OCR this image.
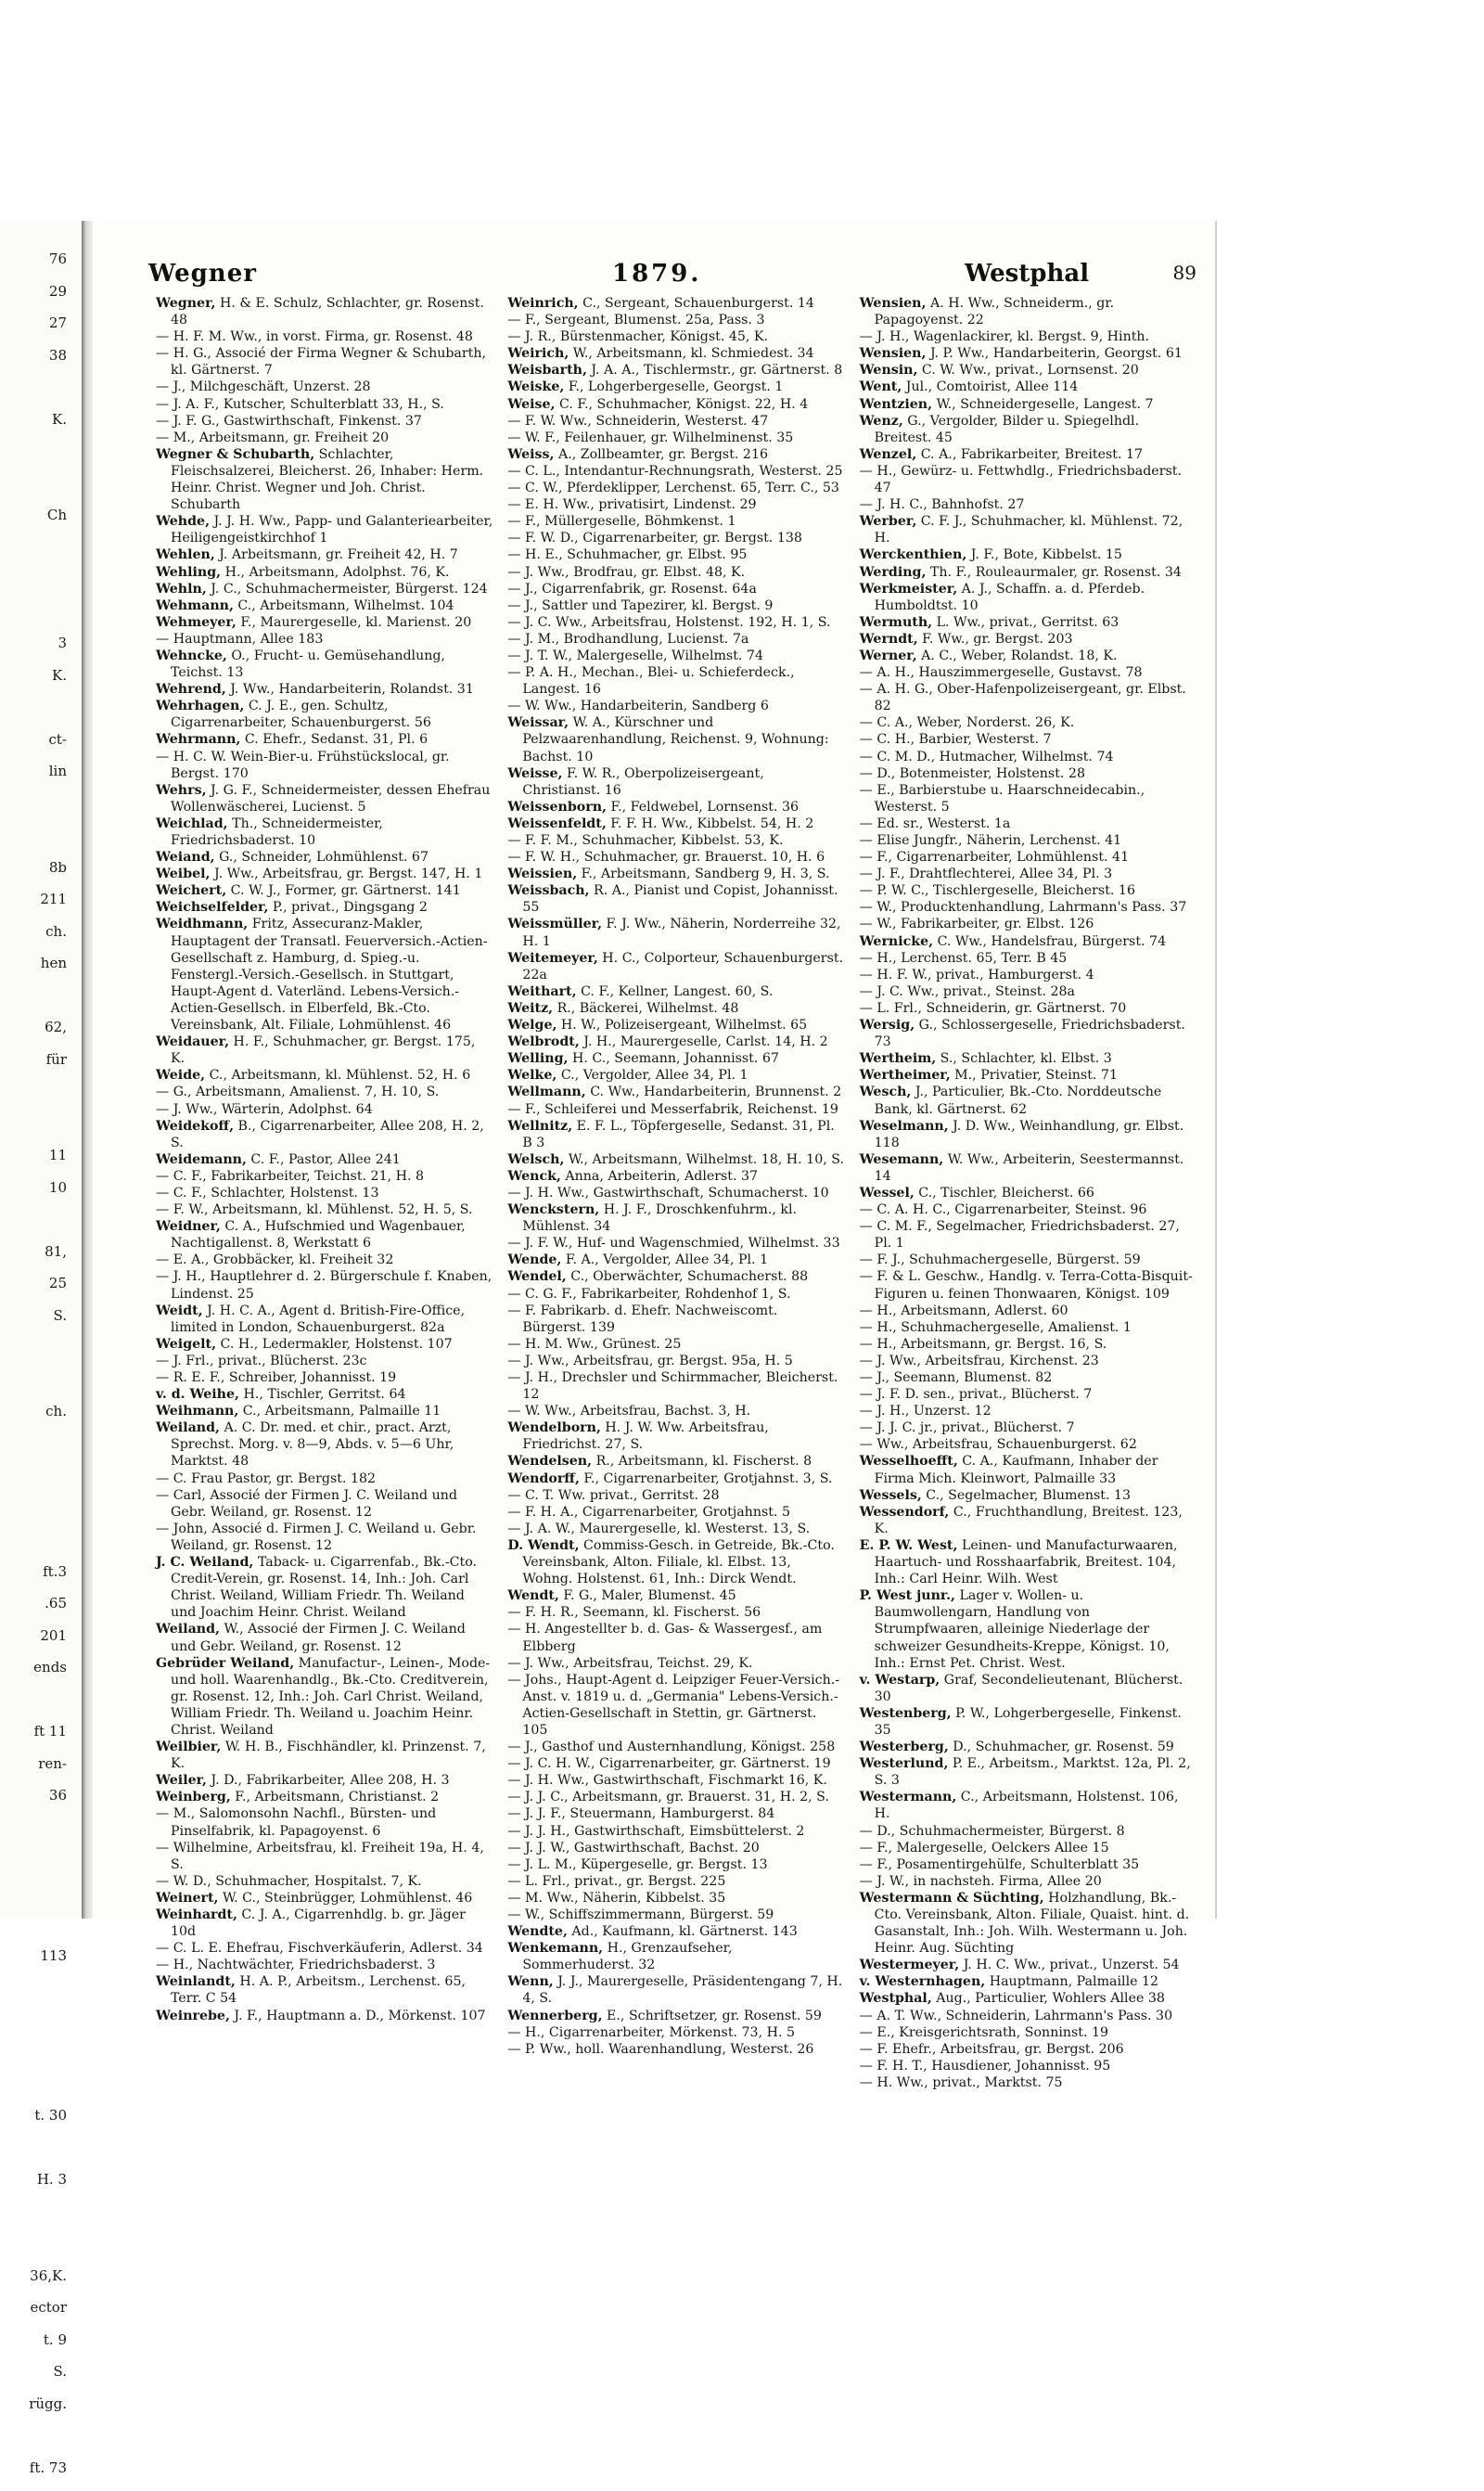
76
29
27
38
K.
Ch
3
K.
ct-
lin
8b
211
ch.
hen
62,
für
11
10
81,
25
S.
ch.
ft.3
.65
201
ends
ft 11
ren-
36
113
t. 30
H. 3
36,K.
ector
t. 9
S.
rügg.
ft. 73
Wegner	1879.	Westphal	89
Wegner, H. & E. Schulz, Schlachter, gr. Rosenst. 48
— H. F. M. Ww., in vorst. Firma, gr. Rosenst. 48
— H. G., Associé der Firma Wegner & Schubarth, kl. Gärtnerst. 7
— J., Milchgeschäft, Unzerst. 28
— J. A. F., Kutscher, Schulterblatt 33, H., S.
— J. F. G., Gastwirthschaft, Finkenst. 37
— M., Arbeitsmann, gr. Freiheit 20
Wegner & Schubarth, Schlachter, Fleischsalzerei, Bleicherst. 26, Inhaber: Herm. Heinr. Christ. Wegner und Joh. Christ. Schubarth
Wehde, J. J. H. Ww., Papp- und Galanteriearbeiter, Heiligengeistkirchhof 1
Wehlen, J. Arbeitsmann, gr. Freiheit 42, H. 7
Wehling, H., Arbeitsmann, Adolphst. 76, K.
Wehln, J. C., Schuhmachermeister, Bürgerst. 124
Wehmann, C., Arbeitsmann, Wilhelmst. 104
Wehmeyer, F., Maurergeselle, kl. Marienst. 20
— Hauptmann, Allee 183
Wehncke, O., Frucht- u. Gemüsehandlung, Teichst. 13
Wehrend, J. Ww., Handarbeiterin, Rolandst. 31
Wehrhagen, C. J. E., gen. Schultz, Cigarrenarbeiter, Schauenburgerst. 56
Wehrmann, C. Ehefr., Sedanst. 31, Pl. 6
— H. C. W. Wein-Bier-u. Frühstückslocal, gr. Bergst. 170
Wehrs, J. G. F., Schneidermeister, dessen Ehefrau Wollenwäscherei, Lucienst. 5
Weichlad, Th., Schneidermeister, Friedrichsbaderst. 10
Weiand, G., Schneider, Lohmühlenst. 67
Weibel, J. Ww., Arbeitsfrau, gr. Bergst. 147, H. 1
Weichert, C. W. J., Former, gr. Gärtnerst. 141
Weichselfelder, P., privat., Dingsgang 2
Weidhmann, Fritz, Assecuranz-Makler, Hauptagent der Transatl. Feuerversich.-Actien-Gesellschaft z. Hamburg, d. Spieg.-u. Fenstergl.-Versich.-Gesellsch. in Stuttgart, Haupt-Agent d. Vaterländ. Lebens-Versich.-Actien-Gesellsch. in Elberfeld, Bk.-Cto. Vereinsbank, Alt. Filiale, Lohmühlenst. 46
Weidauer, H. F., Schuhmacher, gr. Bergst. 175, K.
Weide, C., Arbeitsmann, kl. Mühlenst. 52, H. 6
— G., Arbeitsmann, Amalienst. 7, H. 10, S.
— J. Ww., Wärterin, Adolphst. 64
Weidekoff, B., Cigarrenarbeiter, Allee 208, H. 2, S.
Weidemann, C. F., Pastor, Allee 241
— C. F., Fabrikarbeiter, Teichst. 21, H. 8
— C. F., Schlachter, Holstenst. 13
— F. W., Arbeitsmann, kl. Mühlenst. 52, H. 5, S.
Weidner, C. A., Hufschmied und Wagenbauer, Nachtigallenst. 8, Werkstatt 6
— E. A., Grobbäcker, kl. Freiheit 32
— J. H., Hauptlehrer d. 2. Bürgerschule f. Knaben, Lindenst. 25
Weidt, J. H. C. A., Agent d. British-Fire-Office, limited in London, Schauenburgerst. 82a
Weigelt, C. H., Ledermakler, Holstenst. 107
— J. Frl., privat., Blücherst. 23c
— R. E. F., Schreiber, Johannisst. 19
v. d. Weihe, H., Tischler, Gerritst. 64
Weihmann, C., Arbeitsmann, Palmaille 11
Weiland, A. C. Dr. med. et chir., pract. Arzt, Sprechst. Morg. v. 8—9, Abds. v. 5—6 Uhr, Marktst. 48
— C. Frau Pastor, gr. Bergst. 182
— Carl, Associé der Firmen J. C. Weiland und Gebr. Weiland, gr. Rosenst. 12
— John, Associé d. Firmen J. C. Weiland u. Gebr. Weiland, gr. Rosenst. 12
J. C. Weiland, Taback- u. Cigarrenfab., Bk.-Cto. Credit-Verein, gr. Rosenst. 14, Inh.: Joh. Carl Christ. Weiland, William Friedr. Th. Weiland und Joachim Heinr. Christ. Weiland
Weiland, W., Associé der Firmen J. C. Weiland und Gebr. Weiland, gr. Rosenst. 12
Gebrüder Weiland, Manufactur-, Leinen-, Mode- und holl. Waarenhandlg., Bk.-Cto. Creditverein, gr. Rosenst. 12, Inh.: Joh. Carl Christ. Weiland, William Friedr. Th. Weiland u. Joachim Heinr. Christ. Weiland
Weilbier, W. H. B., Fischhändler, kl. Prinzenst. 7, K.
Weiler, J. D., Fabrikarbeiter, Allee 208, H. 3
Weinberg, F., Arbeitsmann, Christianst. 2
— M., Salomonsohn Nachfl., Bürsten- und Pinselfabrik, kl. Papagoyenst. 6
— Wilhelmine, Arbeitsfrau, kl. Freiheit 19a, H. 4, S.
— W. D., Schuhmacher, Hospitalst. 7, K.
Weinert, W. C., Steinbrügger, Lohmühlenst. 46
Weinhardt, C. J. A., Cigarrenhdlg. b. gr. Jäger 10d
— C. L. E. Ehefrau, Fischverkäuferin, Adlerst. 34
— H., Nachtwächter, Friedrichsbaderst. 3
Weinlandt, H. A. P., Arbeitsm., Lerchenst. 65, Terr. C 54
Weinrebe, J. F., Hauptmann a. D., Mörkenst. 107
Weinrich, C., Sergeant, Schauenburgerst. 14
— F., Sergeant, Blumenst. 25a, Pass. 3
— J. R., Bürstenmacher, Königst. 45, K.
Weirich, W., Arbeitsmann, kl. Schmiedest. 34
Weisbarth, J. A. A., Tischlermstr., gr. Gärtnerst. 8
Weiske, F., Lohgerbergeselle, Georgst. 1
Weise, C. F., Schuhmacher, Königst. 22, H. 4
— F. W. Ww., Schneiderin, Westerst. 47
— W. F., Feilenhauer, gr. Wilhelminenst. 35
Weiss, A., Zollbeamter, gr. Bergst. 216
— C. L., Intendantur-Rechnungsrath, Westerst. 25
— C. W., Pferdeklipper, Lerchenst. 65, Terr. C., 53
— E. H. Ww., privatisirt, Lindenst. 29
— F., Müllergeselle, Böhmkenst. 1
— F. W. D., Cigarrenarbeiter, gr. Bergst. 138
— H. E., Schuhmacher, gr. Elbst. 95
— J. Ww., Brodfrau, gr. Elbst. 48, K.
— J., Cigarrenfabrik, gr. Rosenst. 64a
— J., Sattler und Tapezirer, kl. Bergst. 9
— J. C. Ww., Arbeitsfrau, Holstenst. 192, H. 1, S.
— J. M., Brodhandlung, Lucienst. 7a
— J. T. W., Malergeselle, Wilhelmst. 74
— P. A. H., Mechan., Blei- u. Schieferdeck., Langest. 16
— W. Ww., Handarbeiterin, Sandberg 6
Weissar, W. A., Kürschner und Pelzwaarenhandlung, Reichenst. 9, Wohnung: Bachst. 10
Weisse, F. W. R., Oberpolizeisergeant, Christianst. 16
Weissenborn, F., Feldwebel, Lornsenst. 36
Weissenfeldt, F. F. H. Ww., Kibbelst. 54, H. 2
— F. F. M., Schuhmacher, Kibbelst. 53, K.
— F. W. H., Schuhmacher, gr. Brauerst. 10, H. 6
Weissien, F., Arbeitsmann, Sandberg 9, H. 3, S.
Weissbach, R. A., Pianist und Copist, Johannisst. 55
Weissmüller, F. J. Ww., Näherin, Norderreihe 32, H. 1
Weitemeyer, H. C., Colporteur, Schauenburgerst. 22a
Weithart, C. F., Kellner, Langest. 60, S.
Weitz, R., Bäckerei, Wilhelmst. 48
Welge, H. W., Polizeisergeant, Wilhelmst. 65
Welbrodt, J. H., Maurergeselle, Carlst. 14, H. 2
Welling, H. C., Seemann, Johannisst. 67
Welke, C., Vergolder, Allee 34, Pl. 1
Wellmann, C. Ww., Handarbeiterin, Brunnenst. 2
— F., Schleiferei und Messerfabrik, Reichenst. 19
Wellnitz, E. F. L., Töpfergeselle, Sedanst. 31, Pl. B 3
Welsch, W., Arbeitsmann, Wilhelmst. 18, H. 10, S.
Wenck, Anna, Arbeiterin, Adlerst. 37
— J. H. Ww., Gastwirthschaft, Schumacherst. 10
Wenckstern, H. J. F., Droschkenfuhrm., kl. Mühlenst. 34
— J. F. W., Huf- und Wagenschmied, Wilhelmst. 33
Wende, F. A., Vergolder, Allee 34, Pl. 1
Wendel, C., Oberwächter, Schumacherst. 88
— C. G. F., Fabrikarbeiter, Rohdenhof 1, S.
— F. Fabrikarb. d. Ehefr. Nachweiscomt. Bürgerst. 139
— H. M. Ww., Grünest. 25
— J. Ww., Arbeitsfrau, gr. Bergst. 95a, H. 5
— J. H., Drechsler und Schirmmacher, Bleicherst. 12
— W. Ww., Arbeitsfrau, Bachst. 3, H.
Wendelborn, H. J. W. Ww. Arbeitsfrau, Friedrichst. 27, S.
Wendelsen, R., Arbeitsmann, kl. Fischerst. 8
Wendorff, F., Cigarrenarbeiter, Grotjahnst. 3, S.
— C. T. Ww. privat., Gerritst. 28
— F. H. A., Cigarrenarbeiter, Grotjahnst. 5
— J. A. W., Maurergeselle, kl. Westerst. 13, S.
D. Wendt, Commiss-Gesch. in Getreide, Bk.-Cto. Vereinsbank, Alton. Filiale, kl. Elbst. 13, Wohng. Holstenst. 61, Inh.: Dirck Wendt.
Wendt, F. G., Maler, Blumenst. 45
— F. H. R., Seemann, kl. Fischerst. 56
— H. Angestellter b. d. Gas- & Wassergesf., am Elbberg
— J. Ww., Arbeitsfrau, Teichst. 29, K.
— Johs., Haupt-Agent d. Leipziger Feuer-Versich.-Anst. v. 1819 u. d. „Germania" Lebens-Versich.-Actien-Gesellschaft in Stettin, gr. Gärtnerst. 105
— J., Gasthof und Austernhandlung, Königst. 258
— J. C. H. W., Cigarrenarbeiter, gr. Gärtnerst. 19
— J. H. Ww., Gastwirthschaft, Fischmarkt 16, K.
— J. J. C., Arbeitsmann, gr. Brauerst. 31, H. 2, S.
— J. J. F., Steuermann, Hamburgerst. 84
— J. J. H., Gastwirthschaft, Eimsbüttelerst. 2
— J. J. W., Gastwirthschaft, Bachst. 20
— J. L. M., Küpergeselle, gr. Bergst. 13
— L. Frl., privat., gr. Bergst. 225
— M. Ww., Näherin, Kibbelst. 35
— W., Schiffszimmermann, Bürgerst. 59
Wendte, Ad., Kaufmann, kl. Gärtnerst. 143
Wenkemann, H., Grenzaufseher, Sommerhuderst. 32
Wenn, J. J., Maurergeselle, Präsidentengang 7, H. 4, S.
Wennerberg, E., Schriftsetzer, gr. Rosenst. 59
— H., Cigarrenarbeiter, Mörkenst. 73, H. 5
— P. Ww., holl. Waarenhandlung, Westerst. 26
Wensien, A. H. Ww., Schneiderm., gr. Papagoyenst. 22
— J. H., Wagenlackirer, kl. Bergst. 9, Hinth.
Wensien, J. P. Ww., Handarbeiterin, Georgst. 61
Wensin, C. W. Ww., privat., Lornsenst. 20
Went, Jul., Comtoirist, Allee 114
Wentzien, W., Schneidergeselle, Langest. 7
Wenz, G., Vergolder, Bilder u. Spiegelhdl. Breitest. 45
Wenzel, C. A., Fabrikarbeiter, Breitest. 17
— H., Gewürz- u. Fettwhdlg., Friedrichsbaderst. 47
— J. H. C., Bahnhofst. 27
Werber, C. F. J., Schuhmacher, kl. Mühlenst. 72, H.
Werckenthien, J. F., Bote, Kibbelst. 15
Werding, Th. F., Rouleaurmaler, gr. Rosenst. 34
Werkmeister, A. J., Schaffn. a. d. Pferdeb. Humboldtst. 10
Wermuth, L. Ww., privat., Gerritst. 63
Werndt, F. Ww., gr. Bergst. 203
Werner, A. C., Weber, Rolandst. 18, K.
— A. H., Hauszimmergeselle, Gustavst. 78
— A. H. G., Ober-Hafenpolizeisergeant, gr. Elbst. 82
— C. A., Weber, Norderst. 26, K.
— C. H., Barbier, Westerst. 7
— C. M. D., Hutmacher, Wilhelmst. 74
— D., Botenmeister, Holstenst. 28
— E., Barbierstube u. Haarschneidecabin., Westerst. 5
— Ed. sr., Westerst. 1a
— Elise Jungfr., Näherin, Lerchenst. 41
— F., Cigarrenarbeiter, Lohmühlenst. 41
— J. F., Drahtflechterei, Allee 34, Pl. 3
— P. W. C., Tischlergeselle, Bleicherst. 16
— W., Producktenhandlung, Lahrmann's Pass. 37
— W., Fabrikarbeiter, gr. Elbst. 126
Wernicke, C. Ww., Handelsfrau, Bürgerst. 74
— H., Lerchenst. 65, Terr. B 45
— H. F. W., privat., Hamburgerst. 4
— J. C. Ww., privat., Steinst. 28a
— L. Frl., Schneiderin, gr. Gärtnerst. 70
Wersig, G., Schlossergeselle, Friedrichsbaderst. 73
Wertheim, S., Schlachter, kl. Elbst. 3
Wertheimer, M., Privatier, Steinst. 71
Wesch, J., Particulier, Bk.-Cto. Norddeutsche Bank, kl. Gärtnerst. 62
Weselmann, J. D. Ww., Weinhandlung, gr. Elbst. 118
Wesemann, W. Ww., Arbeiterin, Seestermannst. 14
Wessel, C., Tischler, Bleicherst. 66
— C. A. H. C., Cigarrenarbeiter, Steinst. 96
— C. M. F., Segelmacher, Friedrichsbaderst. 27, Pl. 1
— F. J., Schuhmachergeselle, Bürgerst. 59
— F. & L. Geschw., Handlg. v. Terra-Cotta-Bisquit-Figuren u. feinen Thonwaaren, Königst. 109
— H., Arbeitsmann, Adlerst. 60
— H., Schuhmachergeselle, Amalienst. 1
— H., Arbeitsmann, gr. Bergst. 16, S.
— J. Ww., Arbeitsfrau, Kirchenst. 23
— J., Seemann, Blumenst. 82
— J. F. D. sen., privat., Blücherst. 7
— J. H., Unzerst. 12
— J. J. C. jr., privat., Blücherst. 7
— Ww., Arbeitsfrau, Schauenburgerst. 62
Wesselhoefft, C. A., Kaufmann, Inhaber der Firma Mich. Kleinwort, Palmaille 33
Wessels, C., Segelmacher, Blumenst. 13
Wessendorf, C., Fruchthandlung, Breitest. 123, K.
E. P. W. West, Leinen- und Manufacturwaaren, Haartuch- und Rosshaarfabrik, Breitest. 104, Inh.: Carl Heinr. Wilh. West
P. West junr., Lager v. Wollen- u. Baumwollengarn, Handlung von Strumpfwaaren, alleinige Niederlage der schweizer Gesundheits-Kreppe, Königst. 10, Inh.: Ernst Pet. Christ. West.
v. Westarp, Graf, Secondelieutenant, Blücherst. 30
Westenberg, P. W., Lohgerbergeselle, Finkenst. 35
Westerberg, D., Schuhmacher, gr. Rosenst. 59
Westerlund, P. E., Arbeitsm., Marktst. 12a, Pl. 2, S. 3
Westermann, C., Arbeitsmann, Holstenst. 106, H.
— D., Schuhmachermeister, Bürgerst. 8
— F., Malergeselle, Oelckers Allee 15
— F., Posamentirgehülfe, Schulterblatt 35
— J. W., in nachsteh. Firma, Allee 20
Westermann & Süchting, Holzhandlung, Bk.-Cto. Vereinsbank, Alton. Filiale, Quaist. hint. d. Gasanstalt, Inh.: Joh. Wilh. Westermann u. Joh. Heinr. Aug. Süchting
Westermeyer, J. H. C. Ww., privat., Unzerst. 54
v. Westernhagen, Hauptmann, Palmaille 12
Westphal, Aug., Particulier, Wohlers Allee 38
— A. T. Ww., Schneiderin, Lahrmann's Pass. 30
— E., Kreisgerichtsrath, Sonninst. 19
— F. Ehefr., Arbeitsfrau, gr. Bergst. 206
— F. H. T., Hausdiener, Johannisst. 95
— H. Ww., privat., Marktst. 75
